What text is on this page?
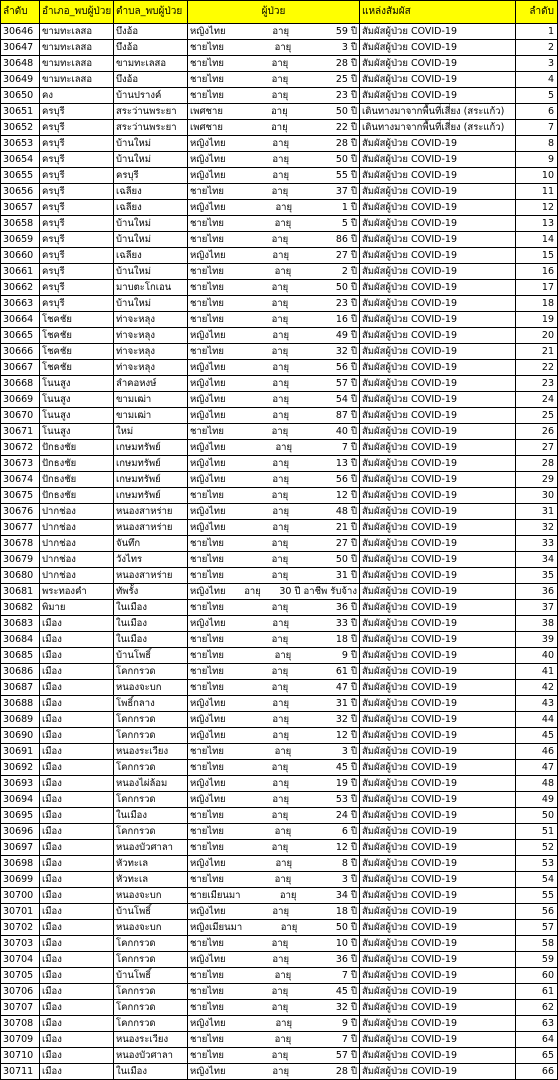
ลำดับ	อำเภอ_พบผู้ป่วย	ตำบล_พบผู้ป่วย	ผู้ป่วย	แหล่งสัมผัส	ลำดับ
30646	ขามทะเลสอ	บึงอ้อ	หญิงไทย อายุ 59 ปี	สัมผัสผู้ป่วย COVID-19	1
30647	ขามทะเลสอ	บึงอ้อ	ชายไทย อายุ 3 ปี	สัมผัสผู้ป่วย COVID-19	2
30648	ขามทะเลสอ	ขามทะเลสอ	ชายไทย อายุ 28 ปี	สัมผัสผู้ป่วย COVID-19	3
30649	ขามทะเลสอ	บึงอ้อ	ชายไทย อายุ 25 ปี	สัมผัสผู้ป่วย COVID-19	4
30650	คง	บ้านปรางค์	ชายไทย อายุ 23 ปี	สัมผัสผู้ป่วย COVID-19	5
30651	ครบุรี	สระว่านพระยา	เพศชาย อายุ 50 ปี	เดินทางมาจากพื้นที่เสี่ยง (สระแก้ว)	6
30652	ครบุรี	สระว่านพระยา	เพศชาย อายุ 22 ปี	เดินทางมาจากพื้นที่เสี่ยง (สระแก้ว)	7
30653	ครบุรี	บ้านใหม่	หญิงไทย อายุ 28 ปี	สัมผัสผู้ป่วย COVID-19	8
30654	ครบุรี	บ้านใหม่	หญิงไทย อายุ 50 ปี	สัมผัสผู้ป่วย COVID-19	9
30655	ครบุรี	ครบุรี	หญิงไทย อายุ 55 ปี	สัมผัสผู้ป่วย COVID-19	10
30656	ครบุรี	เฉลียง	ชายไทย อายุ 37 ปี	สัมผัสผู้ป่วย COVID-19	11
30657	ครบุรี	เฉลียง	หญิงไทย อายุ 1 ปี	สัมผัสผู้ป่วย COVID-19	12
30658	ครบุรี	บ้านใหม่	ชายไทย อายุ 5 ปี	สัมผัสผู้ป่วย COVID-19	13
30659	ครบุรี	บ้านใหม่	ชายไทย อายุ 86 ปี	สัมผัสผู้ป่วย COVID-19	14
30660	ครบุรี	เฉลียง	หญิงไทย อายุ 27 ปี	สัมผัสผู้ป่วย COVID-19	15
30661	ครบุรี	บ้านใหม่	ชายไทย อายุ 2 ปี	สัมผัสผู้ป่วย COVID-19	16
30662	ครบุรี	มาบตะโกเอน	ชายไทย อายุ 50 ปี	สัมผัสผู้ป่วย COVID-19	17
30663	ครบุรี	บ้านใหม่	ชายไทย อายุ 23 ปี	สัมผัสผู้ป่วย COVID-19	18
30664	โชคชัย	ท่าจะหลุง	ชายไทย อายุ 16 ปี	สัมผัสผู้ป่วย COVID-19	19
30665	โชคชัย	ท่าจะหลุง	หญิงไทย อายุ 49 ปี	สัมผัสผู้ป่วย COVID-19	20
30666	โชคชัย	ท่าจะหลุง	ชายไทย อายุ 32 ปี	สัมผัสผู้ป่วย COVID-19	21
30667	โชคชัย	ท่าจะหลุง	หญิงไทย อายุ 56 ปี	สัมผัสผู้ป่วย COVID-19	22
30668	โนนสูง	ลำคอหงษ์	หญิงไทย อายุ 57 ปี	สัมผัสผู้ป่วย COVID-19	23
30669	โนนสูง	ขามเฒ่า	หญิงไทย อายุ 54 ปี	สัมผัสผู้ป่วย COVID-19	24
30670	โนนสูง	ขามเฒ่า	หญิงไทย อายุ 87 ปี	สัมผัสผู้ป่วย COVID-19	25
30671	โนนสูง	ใหม่	ชายไทย อายุ 40 ปี	สัมผัสผู้ป่วย COVID-19	26
30672	ปักธงชัย	เกษมทรัพย์	หญิงไทย อายุ 7 ปี	สัมผัสผู้ป่วย COVID-19	27
30673	ปักธงชัย	เกษมทรัพย์	หญิงไทย อายุ 13 ปี	สัมผัสผู้ป่วย COVID-19	28
30674	ปักธงชัย	เกษมทรัพย์	หญิงไทย อายุ 56 ปี	สัมผัสผู้ป่วย COVID-19	29
30675	ปักธงชัย	เกษมทรัพย์	ชายไทย อายุ 12 ปี	สัมผัสผู้ป่วย COVID-19	30
30676	ปากช่อง	หนองสาหร่าย	หญิงไทย อายุ 48 ปี	สัมผัสผู้ป่วย COVID-19	31
30677	ปากช่อง	หนองสาหร่าย	หญิงไทย อายุ 21 ปี	สัมผัสผู้ป่วย COVID-19	32
30678	ปากช่อง	จันทึก	ชายไทย อายุ 27 ปี	สัมผัสผู้ป่วย COVID-19	33
30679	ปากช่อง	วังไทร	ชายไทย อายุ 50 ปี	สัมผัสผู้ป่วย COVID-19	34
30680	ปากช่อง	หนองสาหร่าย	ชายไทย อายุ 31 ปี	สัมผัสผู้ป่วย COVID-19	35
30681	พระทองคำ	ทัพรั้ง	หญิงไทย อายุ 30 ปี อาชีพ รับจ้าง	สัมผัสผู้ป่วย COVID-19	36
30682	พิมาย	ในเมือง	ชายไทย อายุ 36 ปี	สัมผัสผู้ป่วย COVID-19	37
30683	เมือง	ในเมือง	หญิงไทย อายุ 33 ปี	สัมผัสผู้ป่วย COVID-19	38
30684	เมือง	ในเมือง	ชายไทย อายุ 18 ปี	สัมผัสผู้ป่วย COVID-19	39
30685	เมือง	บ้านโพธิ์	ชายไทย อายุ 9 ปี	สัมผัสผู้ป่วย COVID-19	40
30686	เมือง	โคกกรวด	ชายไทย อายุ 61 ปี	สัมผัสผู้ป่วย COVID-19	41
30687	เมือง	หนองจะบก	ชายไทย อายุ 47 ปี	สัมผัสผู้ป่วย COVID-19	42
30688	เมือง	โพธิ์กลาง	หญิงไทย อายุ 31 ปี	สัมผัสผู้ป่วย COVID-19	43
30689	เมือง	โคกกรวด	หญิงไทย อายุ 32 ปี	สัมผัสผู้ป่วย COVID-19	44
30690	เมือง	โคกกรวด	หญิงไทย อายุ 12 ปี	สัมผัสผู้ป่วย COVID-19	45
30691	เมือง	หนองระเวียง	ชายไทย อายุ 3 ปี	สัมผัสผู้ป่วย COVID-19	46
30692	เมือง	โคกกรวด	ชายไทย อายุ 45 ปี	สัมผัสผู้ป่วย COVID-19	47
30693	เมือง	หนองไผ่ล้อม	หญิงไทย อายุ 19 ปี	สัมผัสผู้ป่วย COVID-19	48
30694	เมือง	โคกกรวด	หญิงไทย อายุ 53 ปี	สัมผัสผู้ป่วย COVID-19	49
30695	เมือง	ในเมือง	ชายไทย อายุ 24 ปี	สัมผัสผู้ป่วย COVID-19	50
30696	เมือง	โคกกรวด	ชายไทย อายุ 6 ปี	สัมผัสผู้ป่วย COVID-19	51
30697	เมือง	หนองบัวศาลา	ชายไทย อายุ 12 ปี	สัมผัสผู้ป่วย COVID-19	52
30698	เมือง	หัวทะเล	หญิงไทย อายุ 8 ปี	สัมผัสผู้ป่วย COVID-19	53
30699	เมือง	หัวทะเล	ชายไทย อายุ 3 ปี	สัมผัสผู้ป่วย COVID-19	54
30700	เมือง	หนองจะบก	ชายเมียนมา อายุ 34 ปี	สัมผัสผู้ป่วย COVID-19	55
30701	เมือง	บ้านโพธิ์	หญิงไทย อายุ 18 ปี	สัมผัสผู้ป่วย COVID-19	56
30702	เมือง	หนองจะบก	หญิงเมียนมา อายุ 50 ปี	สัมผัสผู้ป่วย COVID-19	57
30703	เมือง	โคกกรวด	ชายไทย อายุ 10 ปี	สัมผัสผู้ป่วย COVID-19	58
30704	เมือง	โคกกรวด	หญิงไทย อายุ 36 ปี	สัมผัสผู้ป่วย COVID-19	59
30705	เมือง	บ้านโพธิ์	ชายไทย อายุ 7 ปี	สัมผัสผู้ป่วย COVID-19	60
30706	เมือง	โคกกรวด	ชายไทย อายุ 45 ปี	สัมผัสผู้ป่วย COVID-19	61
30707	เมือง	โคกกรวด	ชายไทย อายุ 32 ปี	สัมผัสผู้ป่วย COVID-19	62
30708	เมือง	โคกกรวด	หญิงไทย อายุ 9 ปี	สัมผัสผู้ป่วย COVID-19	63
30709	เมือง	หนองระเวียง	ชายไทย อายุ 7 ปี	สัมผัสผู้ป่วย COVID-19	64
30710	เมือง	หนองบัวศาลา	ชายไทย อายุ 57 ปี	สัมผัสผู้ป่วย COVID-19	65
30711	เมือง	ในเมือง	หญิงไทย อายุ 28 ปี	สัมผัสผู้ป่วย COVID-19	66
